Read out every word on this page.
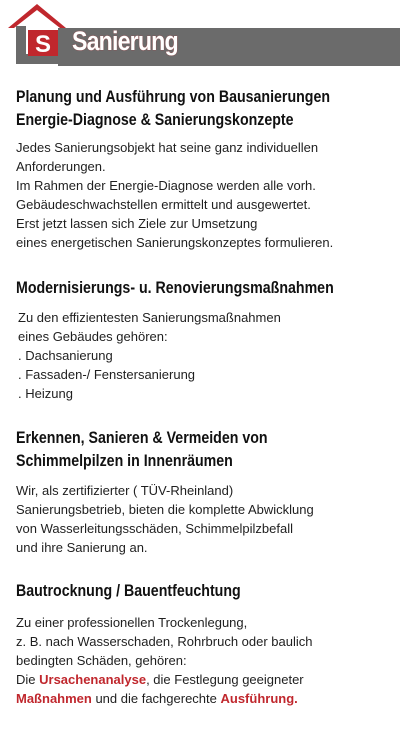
S Sanierung
Planung und Ausführung von Bausanierungen
Energie-Diagnose & Sanierungskonzepte
Jedes Sanierungsobjekt hat seine ganz individuellen
Anforderungen.
Im Rahmen der Energie-Diagnose werden alle vorh.
Gebäudeschwachstellen ermittelt und ausgewertet.
Erst jetzt lassen sich Ziele zur Umsetzung
eines energetischen Sanierungskonzeptes formulieren.
Modernisierungs- u. Renovierungsmaßnahmen
Zu den effizientesten Sanierungsmaßnahmen
eines Gebäudes gehören:
. Dachsanierung
. Fassaden-/ Fenstersanierung
. Heizung
Erkennen, Sanieren & Vermeiden von
Schimmelpilzen in Innenräumen
Wir, als zertifizierter ( TÜV-Rheinland)
Sanierungsbetrieb, bieten die komplette Abwicklung
von Wasserleitungsschäden, Schimmelpilzbefall
und ihre Sanierung an.
Bautrocknung / Bauentfeuchtung
Zu einer professionellen Trockenlegung,
z. B. nach Wasserschaden, Rohrbruch oder baulich
bedingten Schäden, gehören:
Die Ursachenanalyse, die Festlegung geeigneter
Maßnahmen und die fachgerechte Ausführung.
